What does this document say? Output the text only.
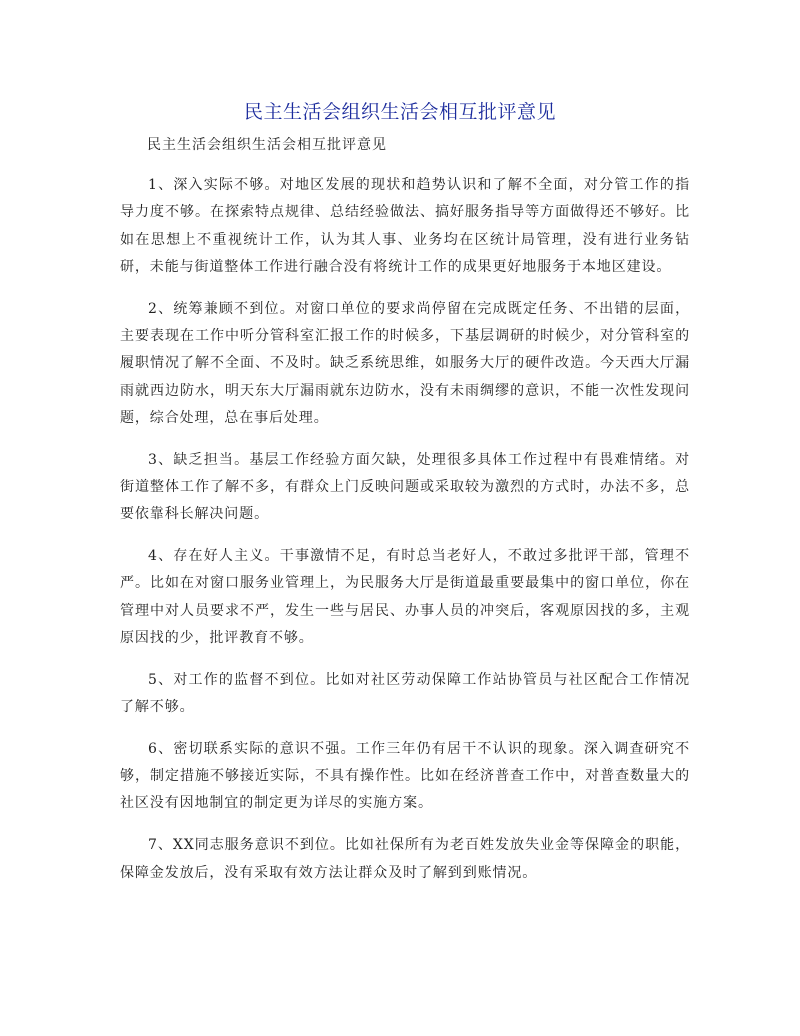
民主生活会组织生活会相互批评意见
民主生活会组织生活会相互批评意见

1、深入实际不够。对地区发展的现状和趋势认识和了解不全面，对分管工作的指导力度不够。在探索特点规律、总结经验做法、搞好服务指导等方面做得还不够好。比如在思想上不重视统计工作，认为其人事、业务均在区统计局管理，没有进行业务钻研，未能与街道整体工作进行融合没有将统计工作的成果更好地服务于本地区建设。

2、统筹兼顾不到位。对窗口单位的要求尚停留在完成既定任务、不出错的层面，主要表现在工作中听分管科室汇报工作的时候多，下基层调研的时候少，对分管科室的履职情况了解不全面、不及时。缺乏系统思维，如服务大厅的硬件改造。今天西大厅漏雨就西边防水，明天东大厅漏雨就东边防水，没有未雨绸缪的意识，不能一次性发现问题，综合处理，总在事后处理。

3、缺乏担当。基层工作经验方面欠缺，处理很多具体工作过程中有畏难情绪。对街道整体工作了解不多，有群众上门反映问题或采取较为激烈的方式时，办法不多，总要依靠科长解决问题。

4、存在好人主义。干事激情不足，有时总当老好人，不敢过多批评干部，管理不严。比如在对窗口服务业管理上，为民服务大厅是街道最重要最集中的窗口单位，你在管理中对人员要求不严，发生一些与居民、办事人员的冲突后，客观原因找的多，主观原因找的少，批评教育不够。

5、对工作的监督不到位。比如对社区劳动保障工作站协管员与社区配合工作情况了解不够。

6、密切联系实际的意识不强。工作三年仍有居干不认识的现象。深入调查研究不够，制定措施不够接近实际，不具有操作性。比如在经济普查工作中，对普查数量大的社区没有因地制宜的制定更为详尽的实施方案。

7、XX同志服务意识不到位。比如社保所有为老百姓发放失业金等保障金的职能，保障金发放后，没有采取有效方法让群众及时了解到到账情况。
